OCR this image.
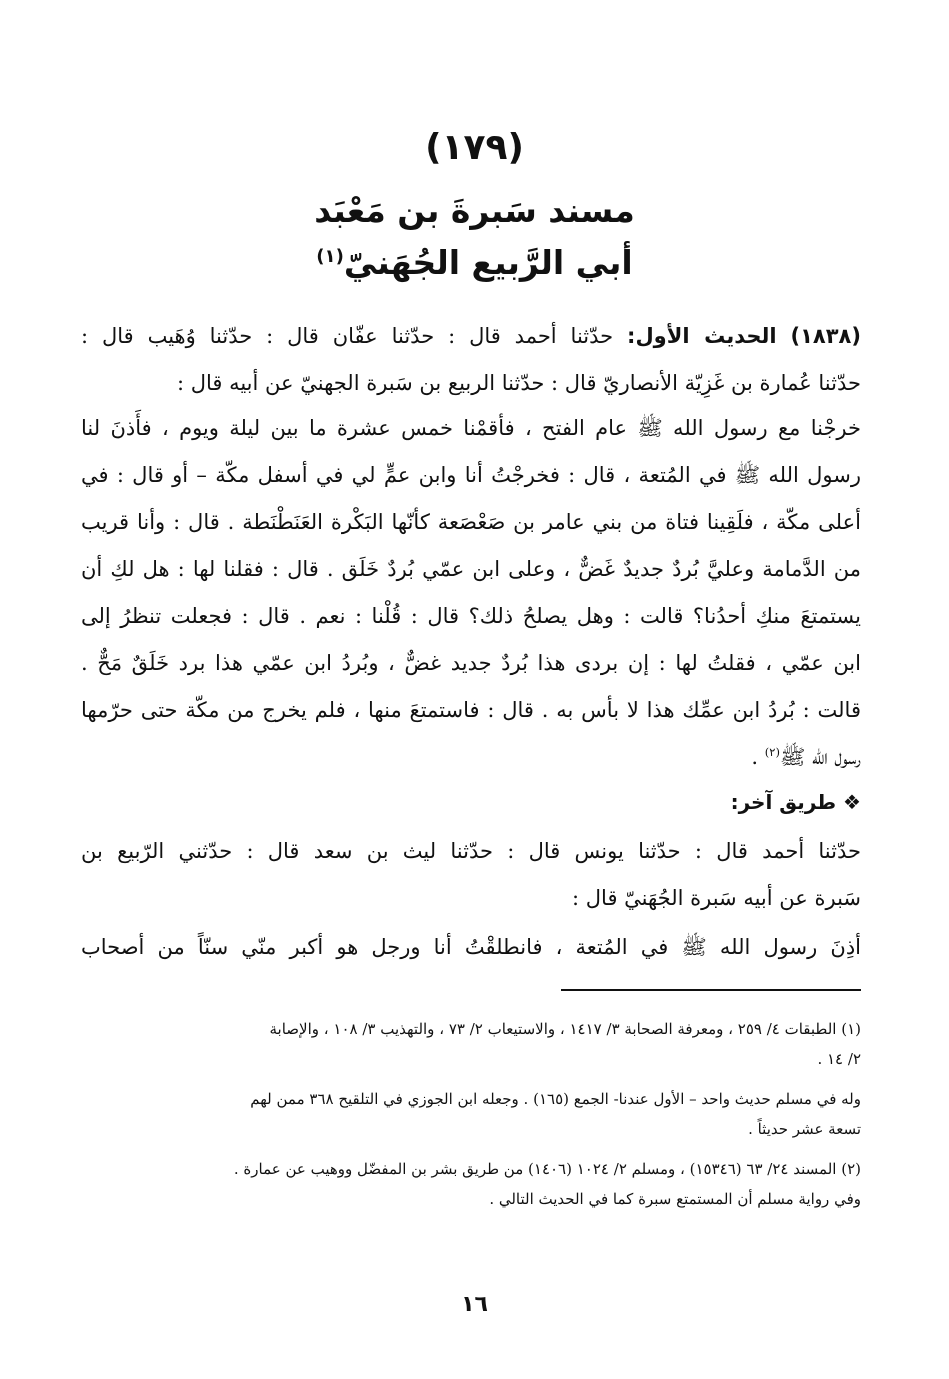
(١٧٩)
مسند سَبرةَ بن مَعْبَد
أبي الرَّبيع الجُهَنيّ$^{(١)}$
(١٨٣٨) الحديث الأول: حدّثنا أحمد قال : حدّثنا عفّان قال : حدّثنا وُهَيب قال :
حدّثنا عُمارة بن غَزِيّة الأنصاريّ قال : حدّثنا الربيع بن سَبرة الجهنيّ عن أبيه قال :
خرجْنا مع رسول الله ﷺ عام الفتح ، فأقمْنا خمس عشرة ما بين ليلة ويوم ، فأَذنَ لنا
رسول الله ﷺ في المُتعة ، قال : فخرجْتُ أنا وابن عمٍّ لي في أسفل مكّة – أو قال : في
أعلى مكّة ، فلَقِينا فتاة من بني عامر بن صَعْصَعة كأنّها البَكْرة العَنَطْنَطة . قال : وأنا قريب
من الدَّمامة وعليَّ بُردٌ جديدٌ غَضٌّ ، وعلى ابن عمّي بُردٌ خَلَق . قال : فقلنا لها : هل لكِ أن
يستمتعَ منكِ أحدُنا؟ قالت : وهل يصلحُ ذلك؟ قال : قُلْنا : نعم . قال : فجعلت تنظرُ إلى
ابن عمّي ، فقلتُ لها : إن بردى هذا بُردٌ جديد غضٌّ ، وبُردُ ابن عمّي هذا برد خَلَقٌ مَحٌّ .
قالت : بُردُ ابن عمِّك هذا لا بأس به . قال : فاستمتعَ منها ، فلم يخرج من مكّة حتى حرّمها
رسول الله ﷺ$^{(٢)}$ .
❖ طريق آخر:
حدّثنا أحمد قال : حدّثنا يونس قال : حدّثنا ليث بن سعد قال : حدّثني الرّبيع بن
سَبرة عن أبيه سَبرة الجُهَنيّ قال :
أذِنَ رسول الله ﷺ في المُتعة ، فانطلقْتُ أنا ورجل هو أكبر منّي سنّاً من أصحاب
(١) الطبقات ٤/ ٢٥٩ ، ومعرفة الصحابة ٣/ ١٤١٧ ، والاستيعاب ٢/ ٧٣ ، والتهذيب ٣/ ١٠٨ ، والإصابة
٢/ ١٤ .
وله في مسلم حديث واحد – الأول عندنا- الجمع (١٦٥) . وجعله ابن الجوزي في التلقيح ٣٦٨ ممن لهم
تسعة عشر حديثاً .
(٢) المسند ٢٤/ ٦٣ (١٥٣٤٦) ، ومسلم ٢/ ١٠٢٤ (١٤٠٦) من طريق بشر بن المفضّل ووهيب عن عمارة .
وفي رواية مسلم أن المستمتع سبرة كما في الحديث التالي .
١٦
